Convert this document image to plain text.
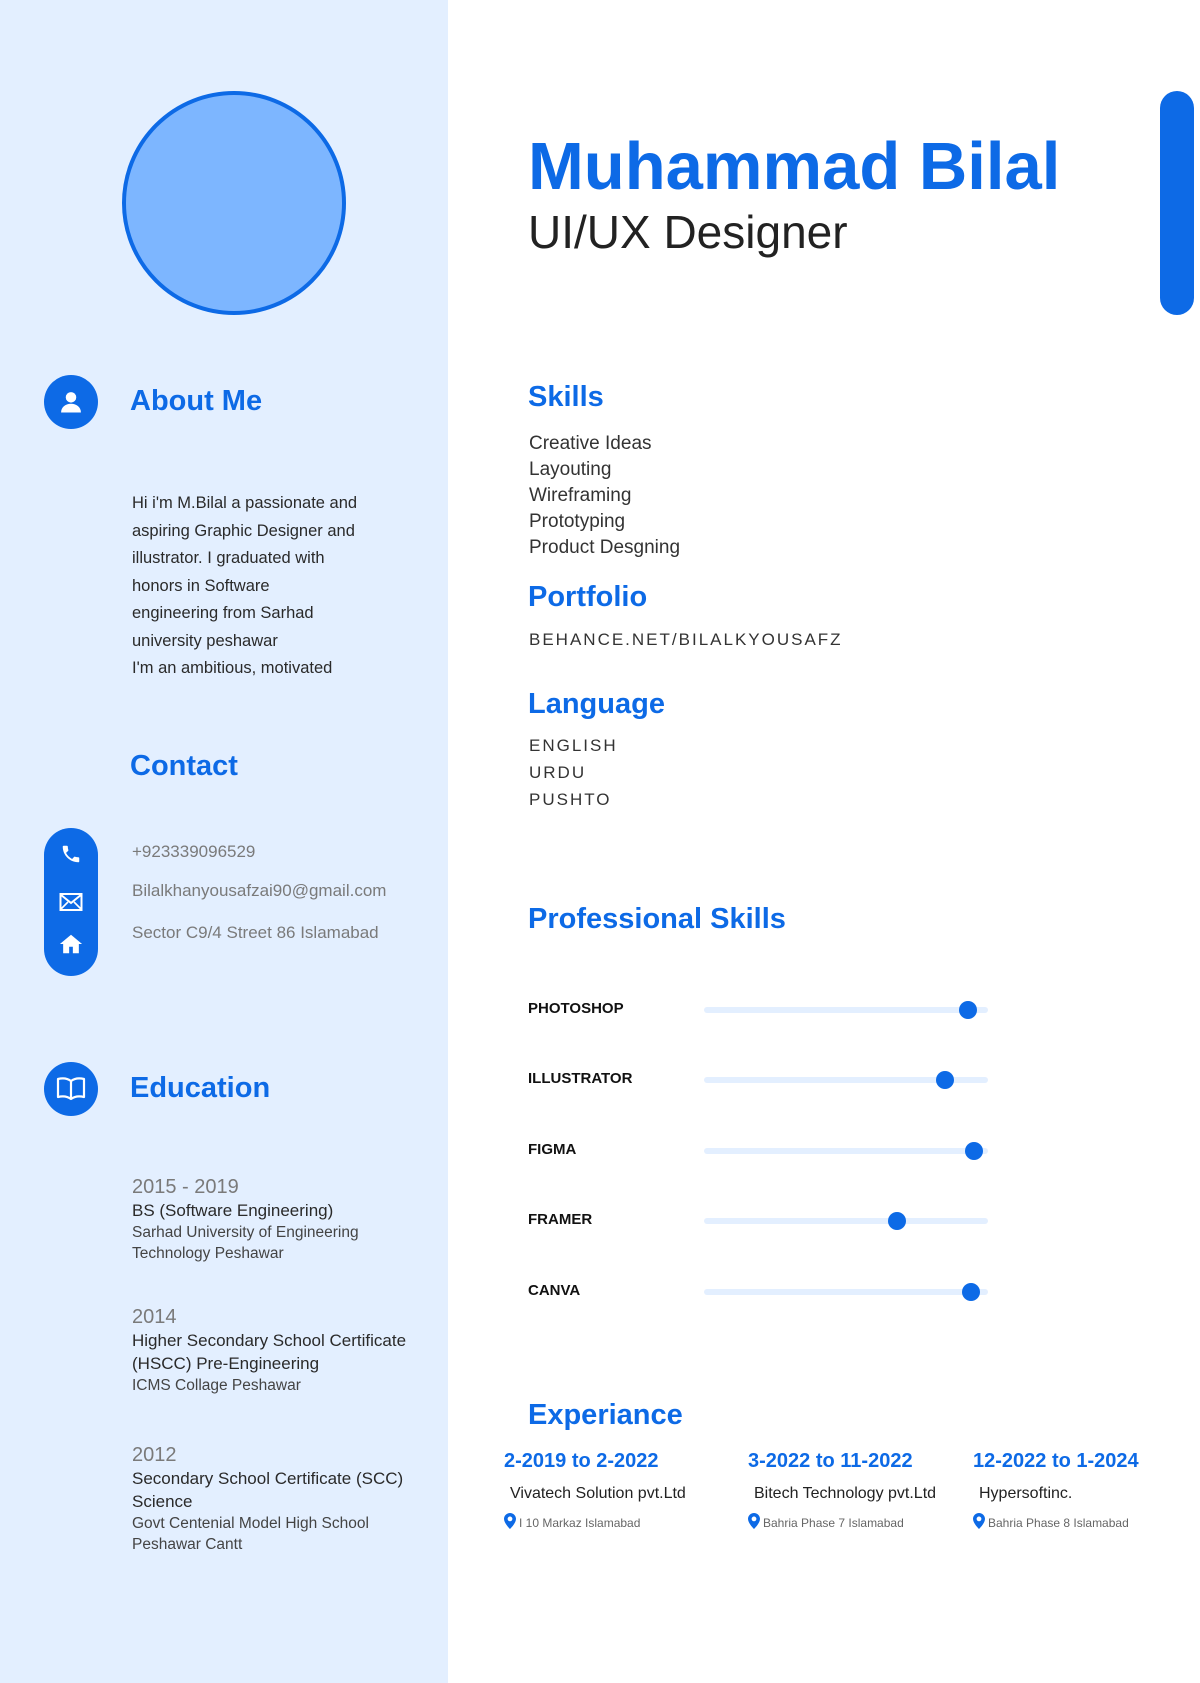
About Me
Hi i'm M.Bilal a passionate and
aspiring Graphic Designer and
illustrator. I graduated with
honors in Software
engineering from Sarhad
university peshawar
I'm an ambitious, motivated
Contact
+923339096529
Bilalkhanyousafzai90@gmail.com
Sector C9/4 Street 86 Islamabad
Education
2015 - 2019
BS (Software Engineering)
Sarhad University of Engineering
Technology Peshawar
2014
Higher Secondary School Certificate
(HSCC) Pre-Engineering
ICMS Collage Peshawar
2012
Secondary School Certificate (SCC)
Science
Govt Centenial Model High School
Peshawar Cantt
Muhammad Bilal
UI/UX Designer
Skills
Creative Ideas
Layouting
Wireframing
Prototyping
Product Desgning
Portfolio
BEHANCE.NET/BILALKYOUSAFZ
Language
ENGLISH
URDU
PUSHTO
Professional Skills
PHOTOSHOP
ILLUSTRATOR
FIGMA
FRAMER
CANVA
Experiance
2-2019 to 2-2022
Vivatech Solution pvt.Ltd
I 10 Markaz Islamabad
3-2022 to 11-2022
Bitech Technology pvt.Ltd
Bahria Phase 7 Islamabad
12-2022 to 1-2024
Hypersoftinc.
Bahria Phase 8 Islamabad
